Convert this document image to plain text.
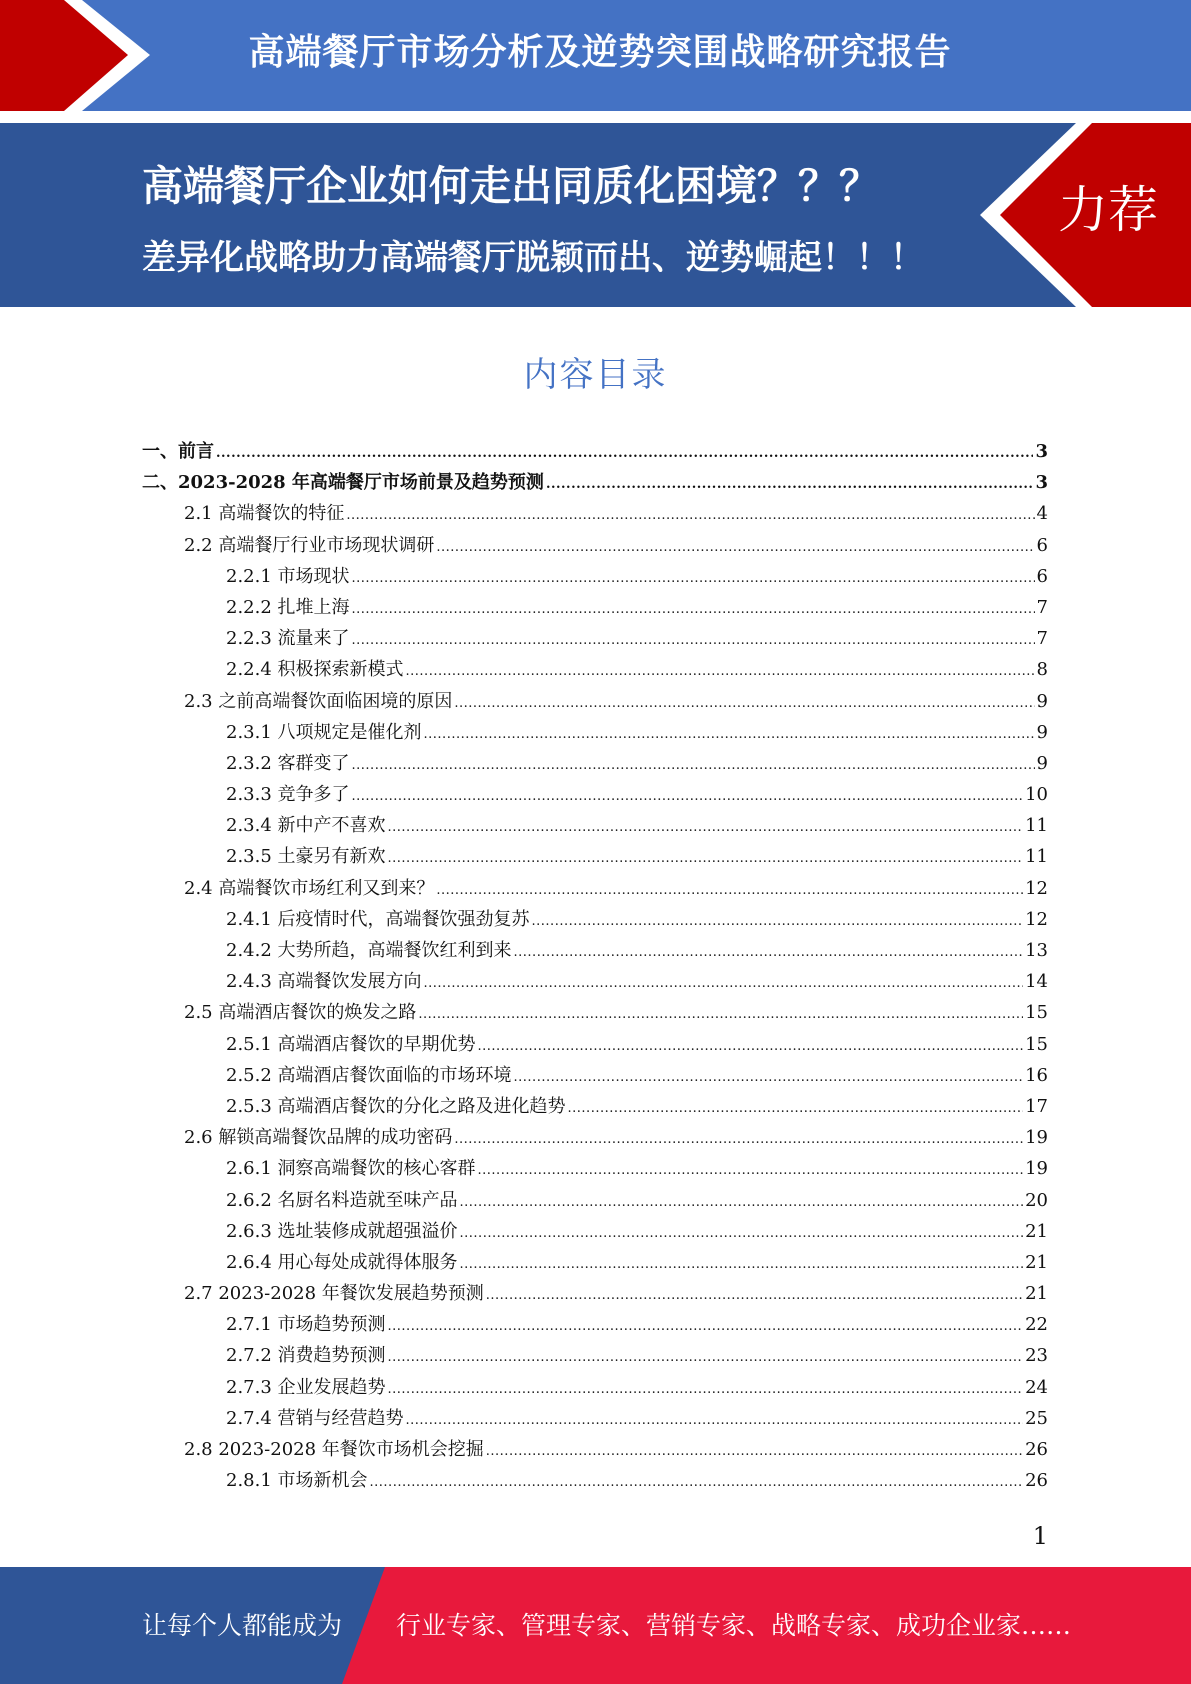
高端餐厅市场分析及逆势突围战略研究报告
高端餐厅企业如何走出同质化困境？？？
差异化战略助力高端餐厅脱颖而出、逆势崛起！！！
力荐
内容目录
一、前言 .....	3
二、2023-2028 年高端餐厅市场前景及趋势预测 .....	3
2.1 高端餐饮的特征 .....	4
2.2 高端餐厅行业市场现状调研 .....	6
2.2.1 市场现状 .....	6
2.2.2 扎堆上海 .....	7
2.2.3 流量来了 .....	7
2.2.4 积极探索新模式 .....	8
2.3 之前高端餐饮面临困境的原因 .....	9
2.3.1 八项规定是催化剂 .....	9
2.3.2 客群变了 .....	9
2.3.3 竞争多了 .....	10
2.3.4 新中产不喜欢 .....	11
2.3.5 土豪另有新欢 .....	11
2.4 高端餐饮市场红利又到来？ .....	12
2.4.1 后疫情时代，高端餐饮强劲复苏 .....	12
2.4.2 大势所趋，高端餐饮红利到来 .....	13
2.4.3 高端餐饮发展方向 .....	14
2.5 高端酒店餐饮的焕发之路 .....	15
2.5.1 高端酒店餐饮的早期优势 .....	15
2.5.2 高端酒店餐饮面临的市场环境 .....	16
2.5.3 高端酒店餐饮的分化之路及进化趋势 .....	17
2.6 解锁高端餐饮品牌的成功密码 .....	19
2.6.1 洞察高端餐饮的核心客群 .....	19
2.6.2 名厨名料造就至味产品 .....	20
2.6.3 选址装修成就超强溢价 .....	21
2.6.4 用心每处成就得体服务 .....	21
2.7 2023-2028 年餐饮发展趋势预测 .....	21
2.7.1 市场趋势预测 .....	22
2.7.2 消费趋势预测 .....	23
2.7.3 企业发展趋势 .....	24
2.7.4 营销与经营趋势 .....	25
2.8 2023-2028 年餐饮市场机会挖掘 .....	26
2.8.1 市场新机会 .....	26
1
让每个人都能成为 行业专家、管理专家、营销专家、战略专家、成功企业家……
